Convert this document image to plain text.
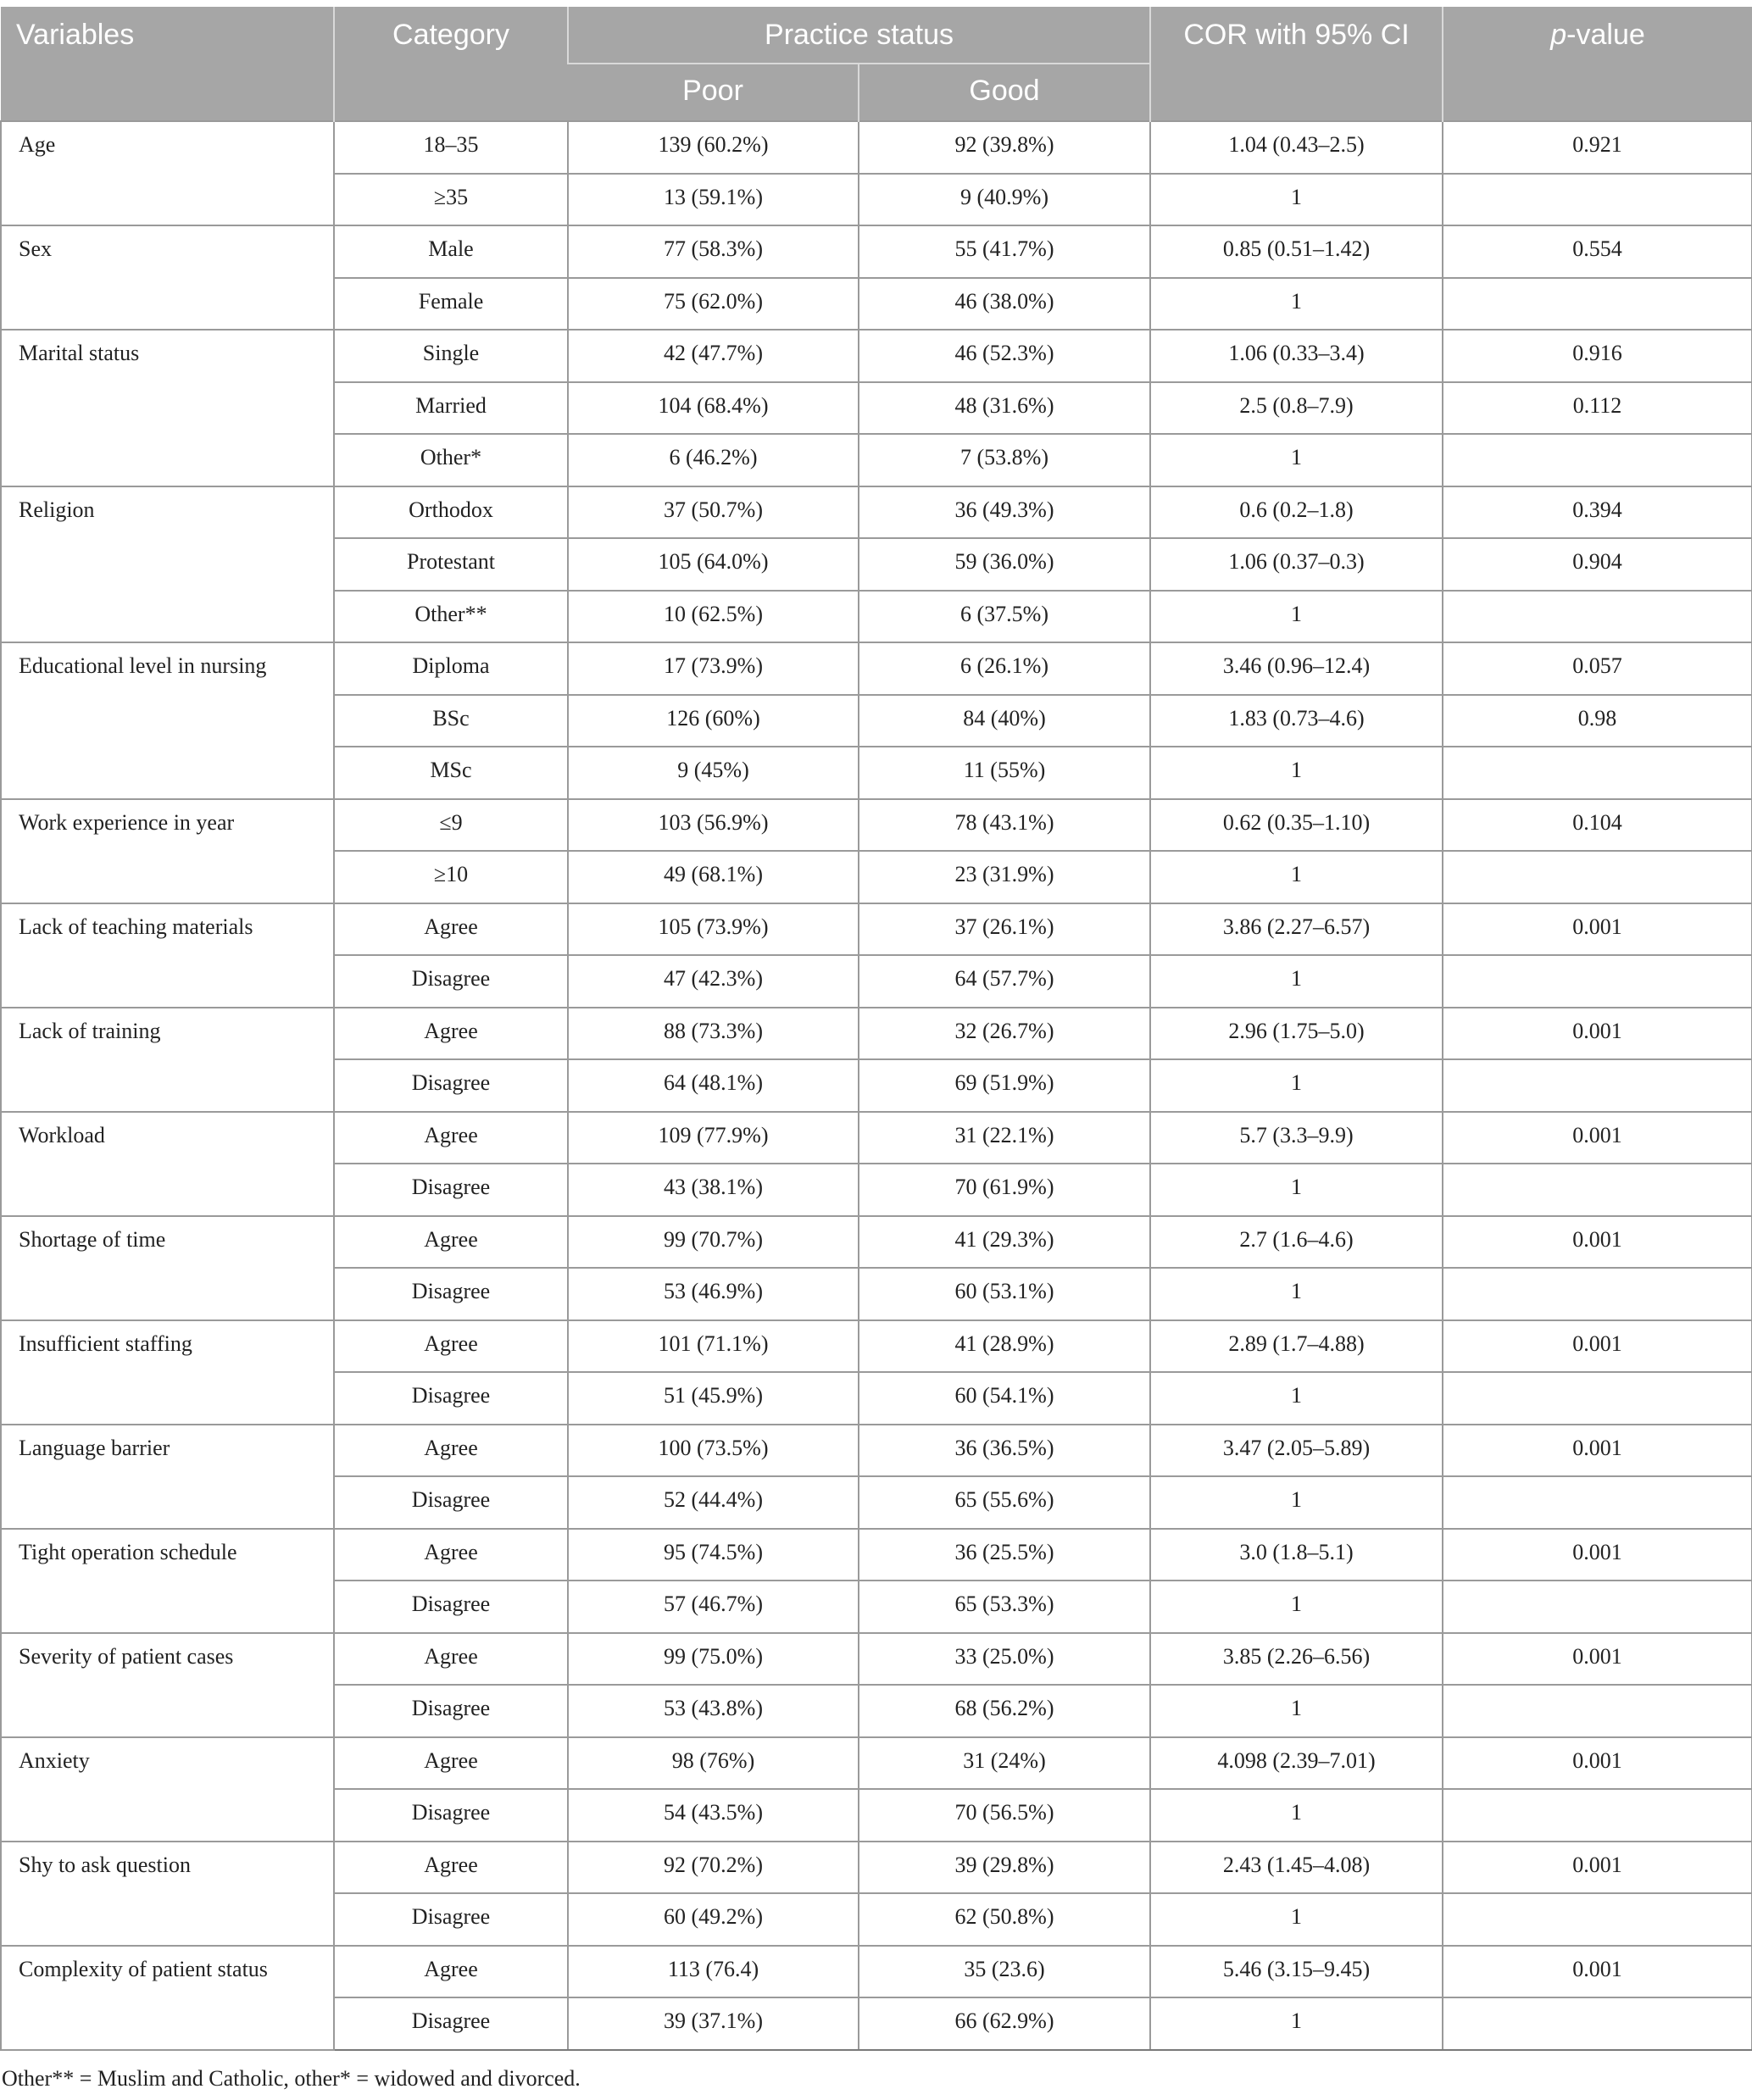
Variables	Category	Practice status		COR with 95% CI	p-value
		Poor	Good		
Age	18–35	139 (60.2%)	92 (39.8%)	1.04 (0.43–2.5)	0.921
	≥35	13 (59.1%)	9 (40.9%)	1	
Sex	Male	77 (58.3%)	55 (41.7%)	0.85 (0.51–1.42)	0.554
	Female	75 (62.0%)	46 (38.0%)	1	
Marital status	Single	42 (47.7%)	46 (52.3%)	1.06 (0.33–3.4)	0.916
	Married	104 (68.4%)	48 (31.6%)	2.5 (0.8–7.9)	0.112
	Other*	6 (46.2%)	7 (53.8%)	1	
Religion	Orthodox	37 (50.7%)	36 (49.3%)	0.6 (0.2–1.8)	0.394
	Protestant	105 (64.0%)	59 (36.0%)	1.06 (0.37–0.3)	0.904
	Other**	10 (62.5%)	6 (37.5%)	1	
Educational level in nursing	Diploma	17 (73.9%)	6 (26.1%)	3.46 (0.96–12.4)	0.057
	BSc	126 (60%)	84 (40%)	1.83 (0.73–4.6)	0.98
	MSc	9 (45%)	11 (55%)	1	
Work experience in year	≤9	103 (56.9%)	78 (43.1%)	0.62 (0.35–1.10)	0.104
	≥10	49 (68.1%)	23 (31.9%)	1	
Lack of teaching materials	Agree	105 (73.9%)	37 (26.1%)	3.86 (2.27–6.57)	0.001
	Disagree	47 (42.3%)	64 (57.7%)	1	
Lack of training	Agree	88 (73.3%)	32 (26.7%)	2.96 (1.75–5.0)	0.001
	Disagree	64 (48.1%)	69 (51.9%)	1	
Workload	Agree	109 (77.9%)	31 (22.1%)	5.7 (3.3–9.9)	0.001
	Disagree	43 (38.1%)	70 (61.9%)	1	
Shortage of time	Agree	99 (70.7%)	41 (29.3%)	2.7 (1.6–4.6)	0.001
	Disagree	53 (46.9%)	60 (53.1%)	1	
Insufficient staffing	Agree	101 (71.1%)	41 (28.9%)	2.89 (1.7–4.88)	0.001
	Disagree	51 (45.9%)	60 (54.1%)	1	
Language barrier	Agree	100 (73.5%)	36 (36.5%)	3.47 (2.05–5.89)	0.001
	Disagree	52 (44.4%)	65 (55.6%)	1	
Tight operation schedule	Agree	95 (74.5%)	36 (25.5%)	3.0 (1.8–5.1)	0.001
	Disagree	57 (46.7%)	65 (53.3%)	1	
Severity of patient cases	Agree	99 (75.0%)	33 (25.0%)	3.85 (2.26–6.56)	0.001
	Disagree	53 (43.8%)	68 (56.2%)	1	
Anxiety	Agree	98 (76%)	31 (24%)	4.098 (2.39–7.01)	0.001
	Disagree	54 (43.5%)	70 (56.5%)	1	
Shy to ask question	Agree	92 (70.2%)	39 (29.8%)	2.43 (1.45–4.08)	0.001
	Disagree	60 (49.2%)	62 (50.8%)	1	
Complexity of patient status	Agree	113 (76.4)	35 (23.6)	5.46 (3.15–9.45)	0.001
	Disagree	39 (37.1%)	66 (62.9%)	1	
Other** = Muslim and Catholic, other* = widowed and divorced.
